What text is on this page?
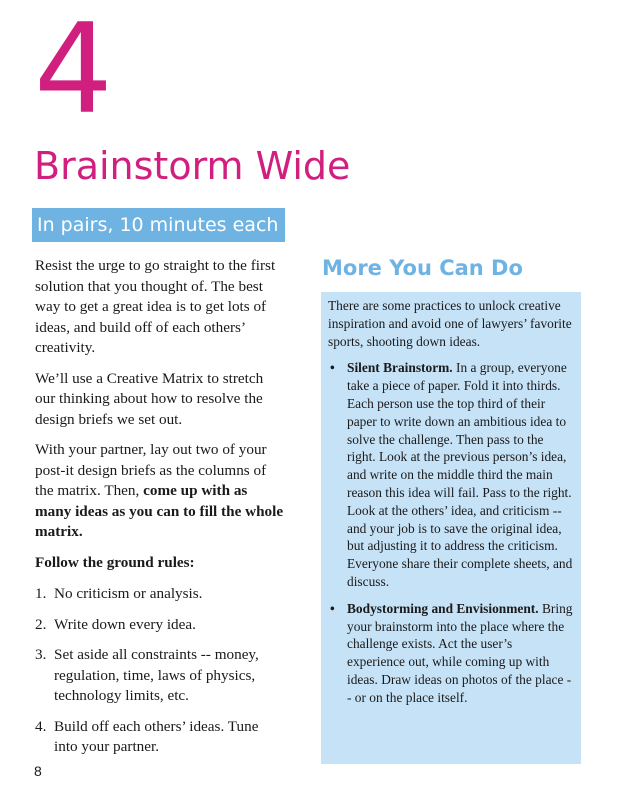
4
Brainstorm Wide
In pairs, 10 minutes each

Resist the urge to go straight to the first solution that you thought of. The best way to get a great idea is to get lots of ideas, and build off of each others’ creativity.

We’ll use a Creative Matrix to stretch our thinking about how to resolve the design briefs we set out.

With your partner, lay out two of your post-it design briefs as the columns of the matrix. Then, come up with as many ideas as you can to fill the whole matrix.

Follow the ground rules:
1. No criticism or analysis.
2. Write down every idea.
3. Set aside all constraints -- money, regulation, time, laws of physics, technology limits, etc.
4. Build off each others’ ideas. Tune into your partner.
More You Can Do

There are some practices to unlock creative inspiration and avoid one of lawyers’ favorite sports, shooting down ideas.

• Silent Brainstorm. In a group, everyone take a piece of paper. Fold it into thirds. Each person use the top third of their paper to write down an ambitious idea to solve the challenge. Then pass to the right. Look at the previous person’s idea, and write on the middle third the main reason this idea will fail. Pass to the right. Look at the others’ idea, and criticism -- and your job is to save the original idea, but adjusting it to address the criticism. Everyone share their complete sheets, and discuss.
• Bodystorming and Envisionment. Bring your brainstorm into the place where the challenge exists. Act the user’s experience out, while coming up with ideas. Draw ideas on photos of the place -- or on the place itself.
8
